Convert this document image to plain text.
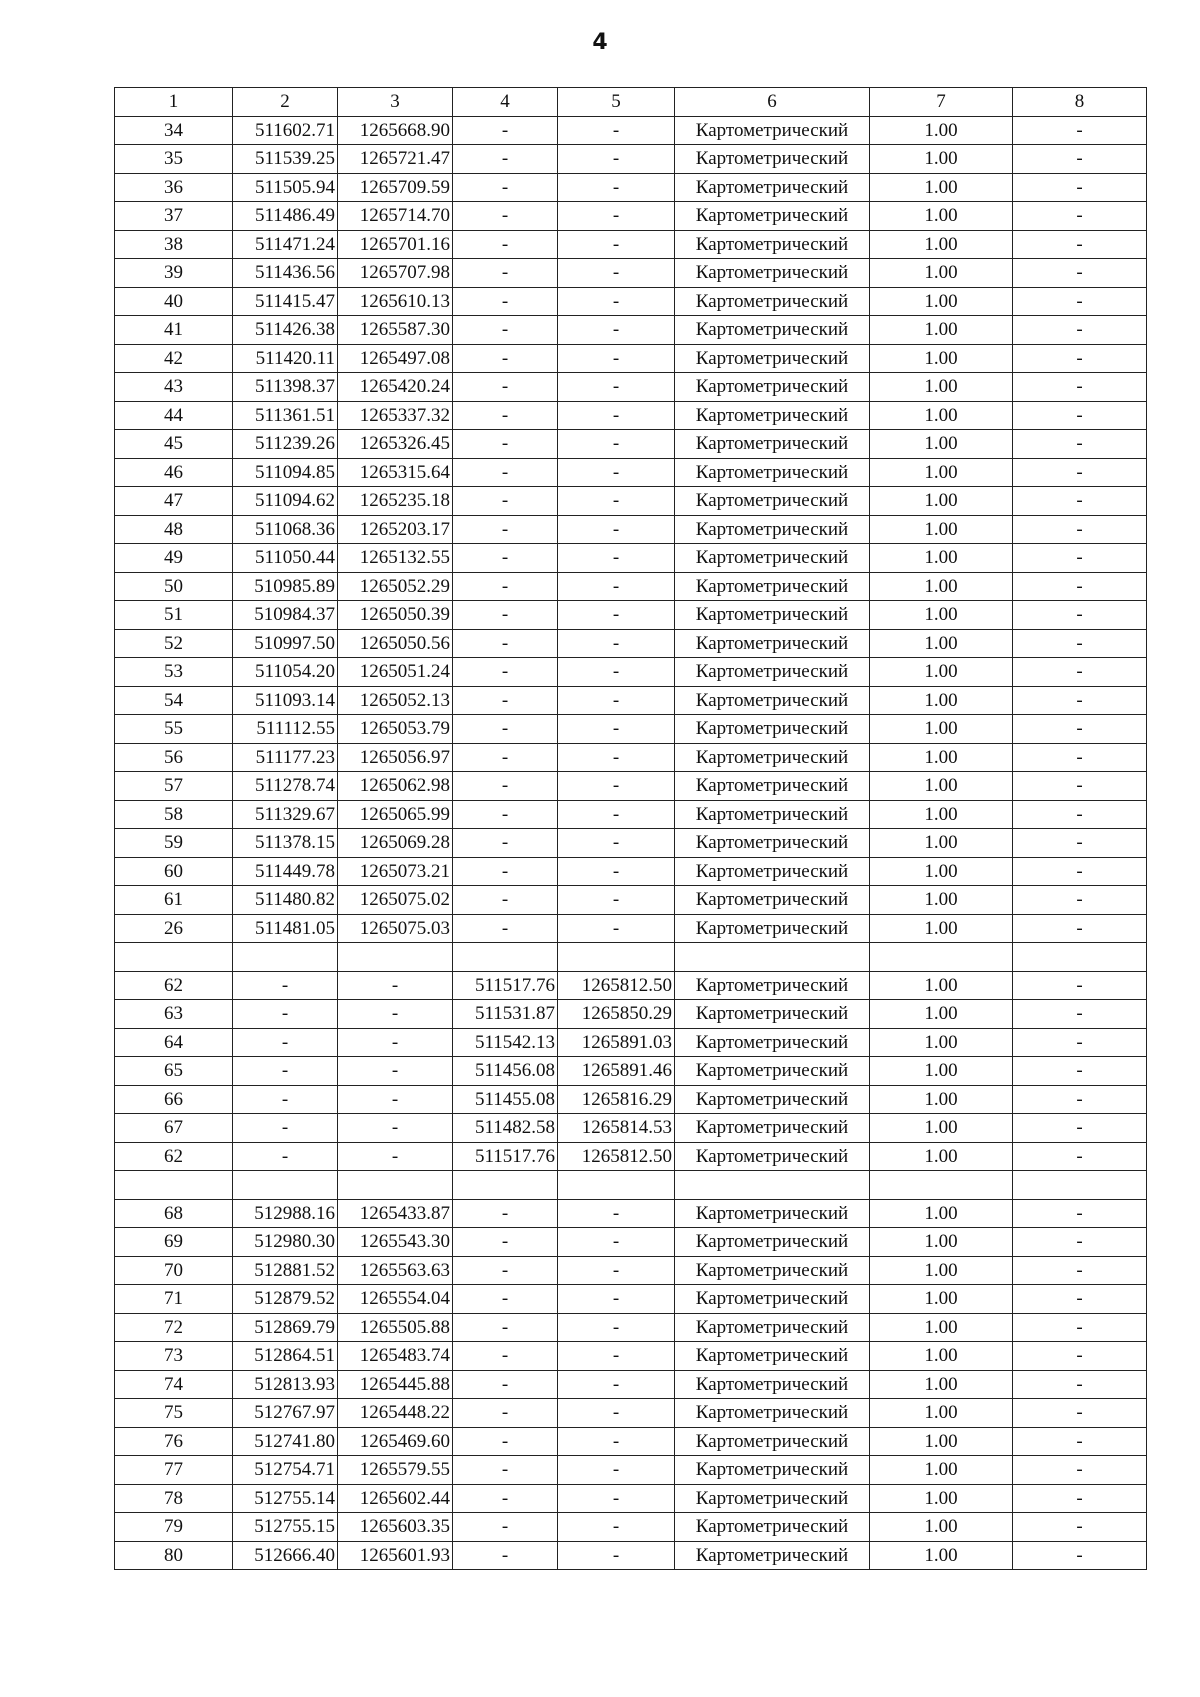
4
1	2	3	4	5	6	7	8
34	511602.71	1265668.90	-	-	Картометрический	1.00	-
35	511539.25	1265721.47	-	-	Картометрический	1.00	-
36	511505.94	1265709.59	-	-	Картометрический	1.00	-
37	511486.49	1265714.70	-	-	Картометрический	1.00	-
38	511471.24	1265701.16	-	-	Картометрический	1.00	-
39	511436.56	1265707.98	-	-	Картометрический	1.00	-
40	511415.47	1265610.13	-	-	Картометрический	1.00	-
41	511426.38	1265587.30	-	-	Картометрический	1.00	-
42	511420.11	1265497.08	-	-	Картометрический	1.00	-
43	511398.37	1265420.24	-	-	Картометрический	1.00	-
44	511361.51	1265337.32	-	-	Картометрический	1.00	-
45	511239.26	1265326.45	-	-	Картометрический	1.00	-
46	511094.85	1265315.64	-	-	Картометрический	1.00	-
47	511094.62	1265235.18	-	-	Картометрический	1.00	-
48	511068.36	1265203.17	-	-	Картометрический	1.00	-
49	511050.44	1265132.55	-	-	Картометрический	1.00	-
50	510985.89	1265052.29	-	-	Картометрический	1.00	-
51	510984.37	1265050.39	-	-	Картометрический	1.00	-
52	510997.50	1265050.56	-	-	Картометрический	1.00	-
53	511054.20	1265051.24	-	-	Картометрический	1.00	-
54	511093.14	1265052.13	-	-	Картометрический	1.00	-
55	511112.55	1265053.79	-	-	Картометрический	1.00	-
56	511177.23	1265056.97	-	-	Картометрический	1.00	-
57	511278.74	1265062.98	-	-	Картометрический	1.00	-
58	511329.67	1265065.99	-	-	Картометрический	1.00	-
59	511378.15	1265069.28	-	-	Картометрический	1.00	-
60	511449.78	1265073.21	-	-	Картометрический	1.00	-
61	511480.82	1265075.02	-	-	Картометрический	1.00	-
26	511481.05	1265075.03	-	-	Картометрический	1.00	-

62	-	-	511517.76	1265812.50	Картометрический	1.00	-
63	-	-	511531.87	1265850.29	Картометрический	1.00	-
64	-	-	511542.13	1265891.03	Картометрический	1.00	-
65	-	-	511456.08	1265891.46	Картометрический	1.00	-
66	-	-	511455.08	1265816.29	Картометрический	1.00	-
67	-	-	511482.58	1265814.53	Картометрический	1.00	-
62	-	-	511517.76	1265812.50	Картометрический	1.00	-

68	512988.16	1265433.87	-	-	Картометрический	1.00	-
69	512980.30	1265543.30	-	-	Картометрический	1.00	-
70	512881.52	1265563.63	-	-	Картометрический	1.00	-
71	512879.52	1265554.04	-	-	Картометрический	1.00	-
72	512869.79	1265505.88	-	-	Картометрический	1.00	-
73	512864.51	1265483.74	-	-	Картометрический	1.00	-
74	512813.93	1265445.88	-	-	Картометрический	1.00	-
75	512767.97	1265448.22	-	-	Картометрический	1.00	-
76	512741.80	1265469.60	-	-	Картометрический	1.00	-
77	512754.71	1265579.55	-	-	Картометрический	1.00	-
78	512755.14	1265602.44	-	-	Картометрический	1.00	-
79	512755.15	1265603.35	-	-	Картометрический	1.00	-
80	512666.40	1265601.93	-	-	Картометрический	1.00	-
